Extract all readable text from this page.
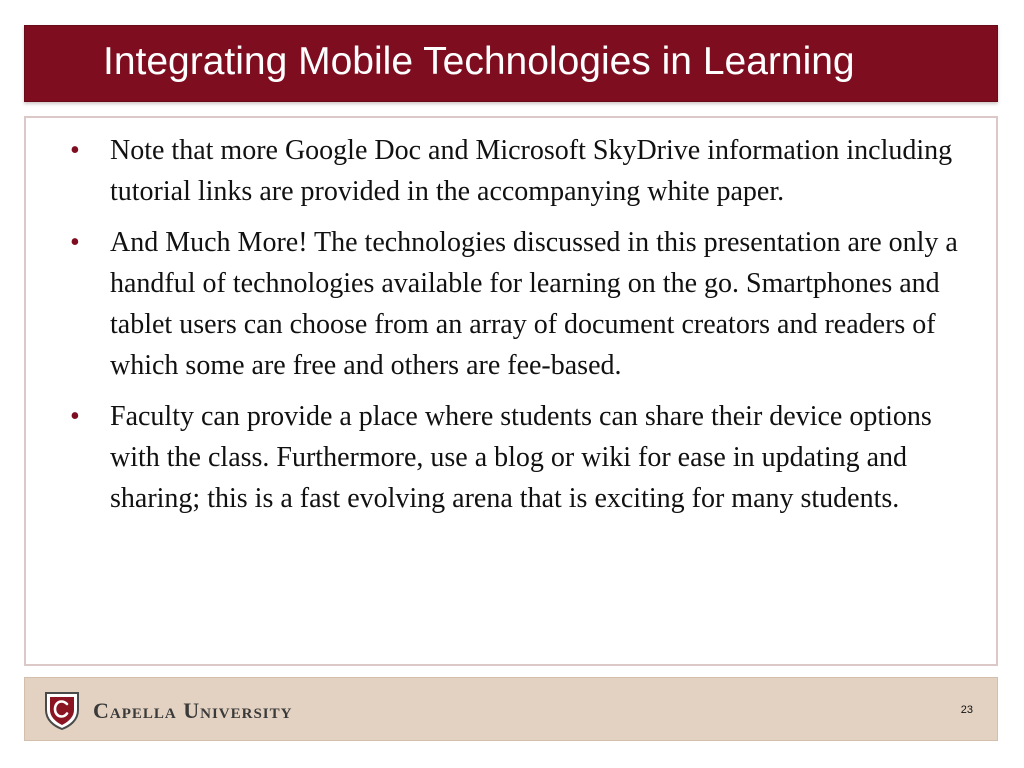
Integrating Mobile Technologies in Learning
• Note that more Google Doc and Microsoft SkyDrive information including tutorial links are provided in the accompanying white paper.
• And Much More! The technologies discussed in this presentation are only a handful of technologies available for learning on the go. Smartphones and tablet users can choose from an array of document creators and readers of which some are free and others are fee-based.
• Faculty can provide a place where students can share their device options with the class. Furthermore, use a blog or wiki for ease in updating and sharing; this is a fast evolving arena that is exciting for many students.
Capella University	23
